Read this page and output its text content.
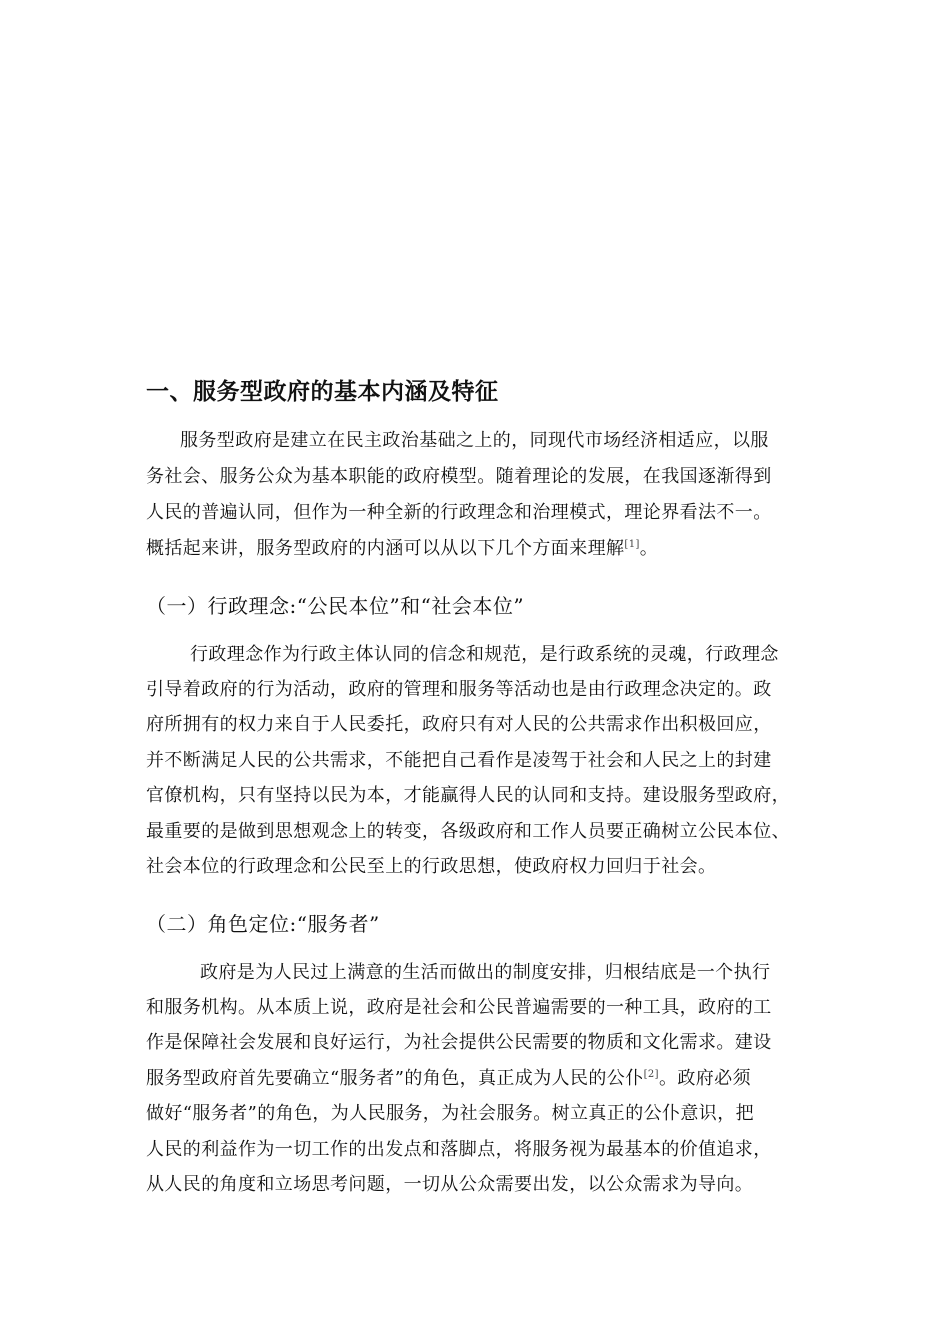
一、服务型政府的基本内涵及特征
服务型政府是建立在民主政治基础之上的，同现代市场经济相适应，以服
务社会、服务公众为基本职能的政府模型。随着理论的发展，在我国逐渐得到
人民的普遍认同，但作为一种全新的行政理念和治理模式，理论界看法不一。
概括起来讲，服务型政府的内涵可以从以下几个方面来理解[1]。
（一）行政理念:“公民本位”和“社会本位”
行政理念作为行政主体认同的信念和规范，是行政系统的灵魂，行政理念
引导着政府的行为活动，政府的管理和服务等活动也是由行政理念决定的。政
府所拥有的权力来自于人民委托，政府只有对人民的公共需求作出积极回应，
并不断满足人民的公共需求，不能把自己看作是凌驾于社会和人民之上的封建
官僚机构，只有坚持以民为本，才能赢得人民的认同和支持。建设服务型政府，
最重要的是做到思想观念上的转变，各级政府和工作人员要正确树立公民本位、
社会本位的行政理念和公民至上的行政思想，使政府权力回归于社会。
（二）角色定位:“服务者”
政府是为人民过上满意的生活而做出的制度安排，归根结底是一个执行
和服务机构。从本质上说，政府是社会和公民普遍需要的一种工具，政府的工
作是保障社会发展和良好运行，为社会提供公民需要的物质和文化需求。建设
服务型政府首先要确立“服务者”的角色，真正成为人民的公仆[2]。政府必须
做好“服务者”的角色，为人民服务，为社会服务。树立真正的公仆意识，把
人民的利益作为一切工作的出发点和落脚点，将服务视为最基本的价值追求，
从人民的角度和立场思考问题，一切从公众需要出发，以公众需求为导向。
